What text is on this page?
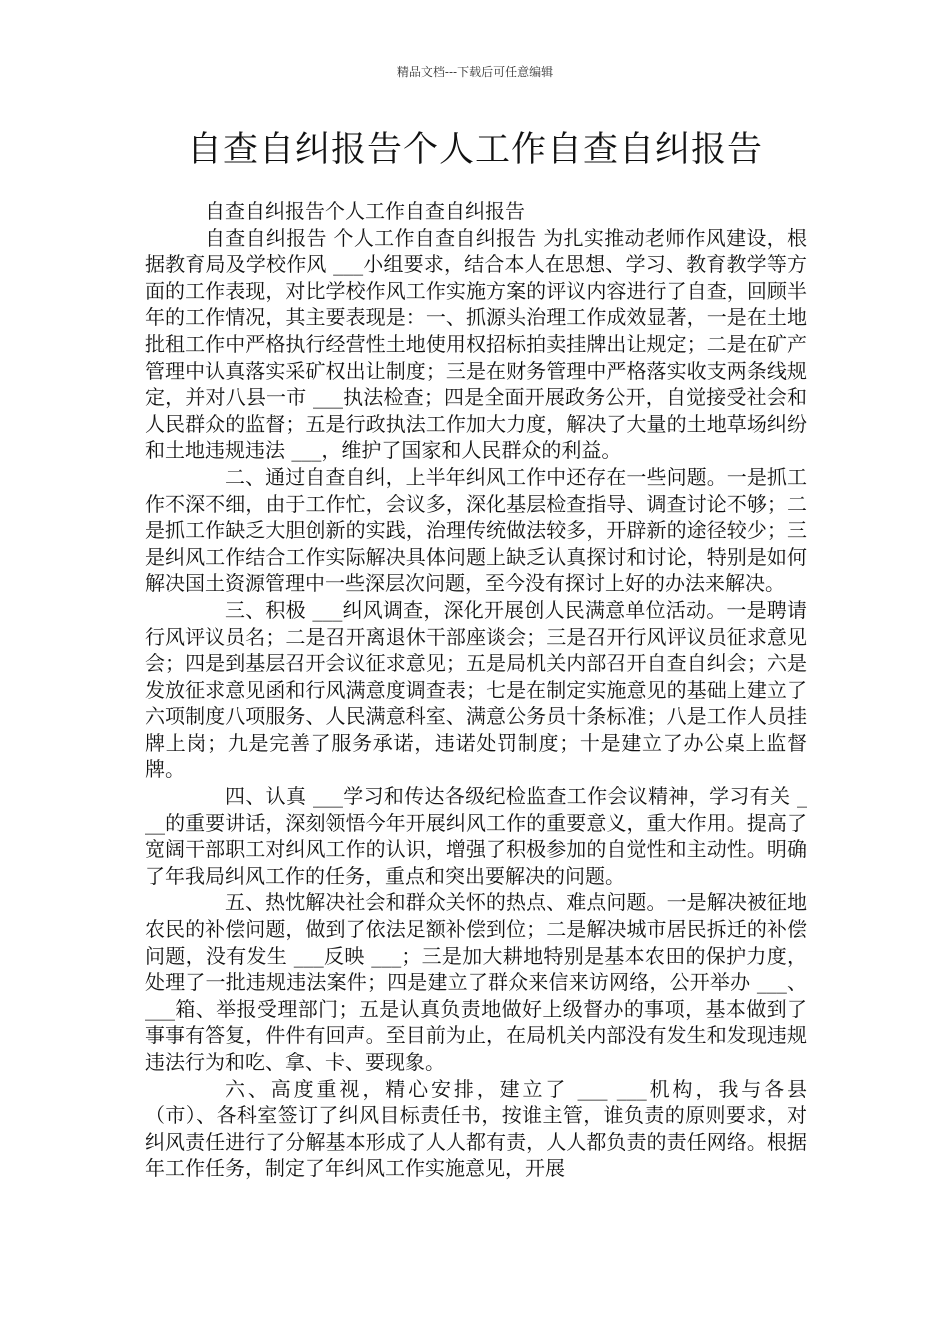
精品文档---下载后可任意编辑
自查自纠报告个人工作自查自纠报告

自查自纠报告个人工作自查自纠报告

自查自纠报告 个人工作自查自纠报告 为扎实推动老师作风建设，根据教育局及学校作风 ___小组要求，结合本人在思想、学习、教育教学等方面的工作表现，对比学校作风工作实施方案的评议内容进行了自查，回顾半年的工作情况，其主要表现是：一、抓源头治理工作成效显著，一是在土地批租工作中严格执行经营性土地使用权招标拍卖挂牌出让规定；二是在矿产管理中认真落实采矿权出让制度；三是在财务管理中严格落实收支两条线规定，并对八县一市 ___执法检查；四是全面开展政务公开，自觉接受社会和人民群众的监督；五是行政执法工作加大力度，解决了大量的土地草场纠纷和土地违规违法 ___，维护了国家和人民群众的利益。

二、通过自查自纠，上半年纠风工作中还存在一些问题。一是抓工作不深不细，由于工作忙，会议多，深化基层检查指导、调查讨论不够；二是抓工作缺乏大胆创新的实践，治理传统做法较多，开辟新的途径较少；三是纠风工作结合工作实际解决具体问题上缺乏认真探讨和讨论，特别是如何解决国土资源管理中一些深层次问题，至今没有探讨上好的办法来解决。

三、积极 ___纠风调查，深化开展创人民满意单位活动。一是聘请行风评议员名；二是召开离退休干部座谈会；三是召开行风评议员征求意见会；四是到基层召开会议征求意见；五是局机关内部召开自查自纠会；六是发放征求意见函和行风满意度调查表；七是在制定实施意见的基础上建立了六项制度八项服务、人民满意科室、满意公务员十条标准；八是工作人员挂牌上岗；九是完善了服务承诺，违诺处罚制度；十是建立了办公桌上监督牌。

四、认真 ___学习和传达各级纪检监查工作会议精神，学习有关 ___的重要讲话，深刻领悟今年开展纠风工作的重要意义，重大作用。提高了宽阔干部职工对纠风工作的认识，增强了积极参加的自觉性和主动性。明确了年我局纠风工作的任务，重点和突出要解决的问题。

五、热忱解决社会和群众关怀的热点、难点问题。一是解决被征地农民的补偿问题，做到了依法足额补偿到位；二是解决城市居民拆迁的补偿问题，没有发生 ___反映 ___；三是加大耕地特别是基本农田的保护力度，处理了一批违规违法案件；四是建立了群众来信来访网络，公开举办 ___、 ___箱、举报受理部门；五是认真负责地做好上级督办的事项，基本做到了事事有答复，件件有回声。至目前为止，在局机关内部没有发生和发现违规违法行为和吃、拿、卡、要现象。

六、高度重视，精心安排，建立了 ___ ___机构，我与各县（市）、各科室签订了纠风目标责任书，按谁主管，谁负责的原则要求，对纠风责任进行了分解基本形成了人人都有责，人人都负责的责任网络。根据年工作任务，制定了年纠风工作实施意见，开展
